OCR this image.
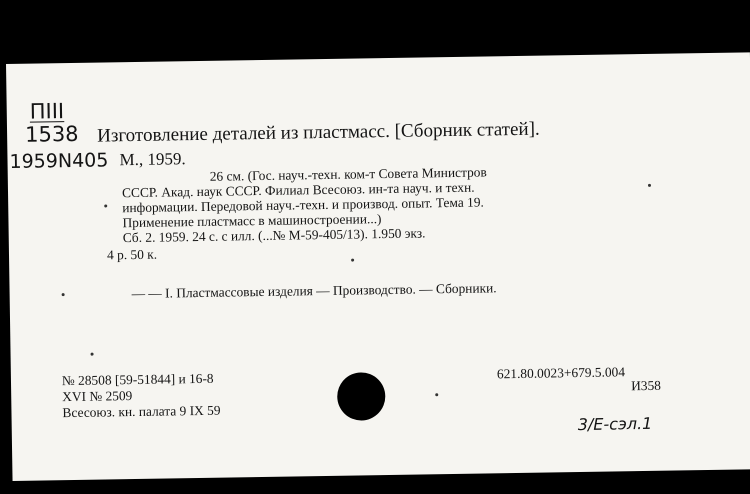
ПIII
1538
1959N405
Изготовление деталей из пластмасс. [Сборник статей].
М., 1959.
26 см. (Гос. науч.-техн. ком-т Совета Министров
СССР. Акад. наук СССР. Филиал Всесоюз. ин-та науч. и техн.
информации. Передовой науч.-техн. и производ. опыт. Тема 19.
Применение пластмасс в машиностроении...)
Сб. 2. 1959. 24 с. с илл. (...№ М-59-405/13). 1.950 экз.
4 р. 50 к.
— — I. Пластмассовые изделия — Производство. — Сборники.
№ 28508 [59-51844] и 16-8
XVI № 2509
Всесоюз. кн. палата 9 IX 59
621.80.0023+679.5.004
И358
3/Е-сэл.1
